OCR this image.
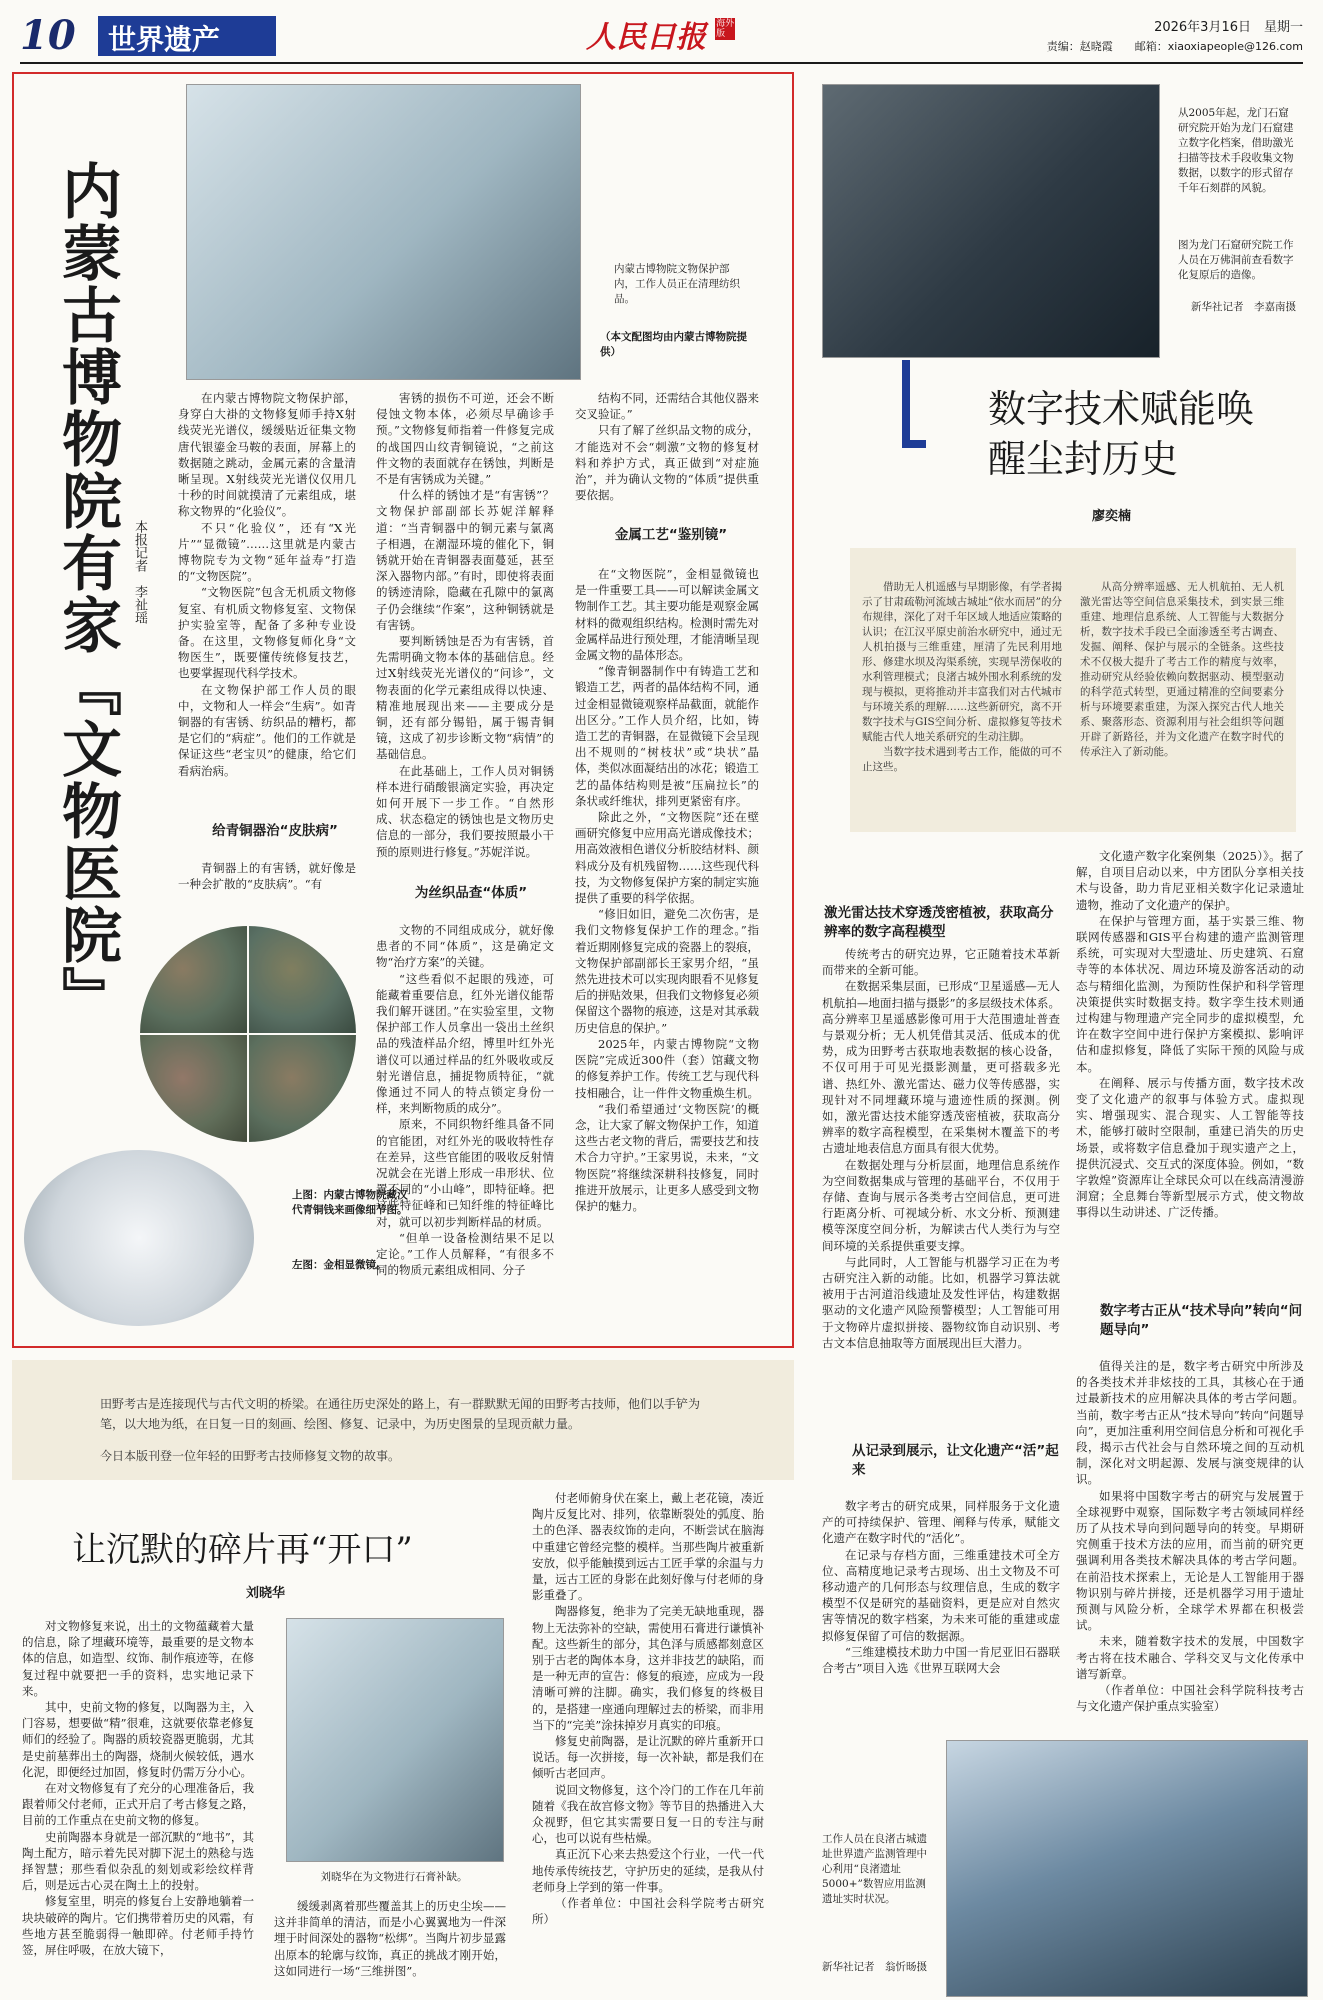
10 世界遗产	人民日报 海外版	2026年3月16日　星期一
责编：赵晓霞　　邮箱：xiaoxiapeople@126.com
内蒙古博物院有家『文物医院』 本报记者　李祉瑶
内蒙古博物院文物保护部内，工作人员正在清理纺织品。
（本文配图均由内蒙古博物院提供）

在内蒙古博物院文物保护部，身穿白大褂的文物修复师手持X射线荧光光谱仪，缓缓贴近征集文物唐代银鎏金马鞍的表面，屏幕上的数据随之跳动，金属元素的含量清晰呈现。X射线荧光光谱仪仅用几十秒的时间就摸清了元素组成，堪称文物界的“化验仪”。

不只“化验仪”，还有“X光片”“显微镜”……这里就是内蒙古博物院专为文物“延年益寿”打造的“文物医院”。

“文物医院”包含无机质文物修复室、有机质文物修复室、文物保护实验室等，配备了多种专业设备。在这里，文物修复师化身“文物医生”，既要懂传统修复技艺，也要掌握现代科学技术。

在文物保护部工作人员的眼中，文物和人一样会“生病”。如青铜器的有害锈、纺织品的糟朽，都是它们的“病症”。他们的工作就是保证这些“老宝贝”的健康，给它们看病治病。

给青铜器治“皮肤病”

青铜器上的有害锈，就好像是一种会扩散的“皮肤病”。“有

害锈的损伤不可逆，还会不断侵蚀文物本体，必须尽早确诊手预。”文物修复师指着一件修复完成的战国四山纹青铜镜说，“之前这件文物的表面就存在锈蚀，判断是不是有害锈成为关键。”

什么样的锈蚀才是“有害锈”？文物保护部副部长苏妮洋解释道：“当青铜器中的铜元素与氯离子相遇，在潮湿环境的催化下，铜锈就开始在青铜器表面蔓延，甚至深入器物内部。”有时，即使将表面的锈迹清除，隐藏在孔隙中的氯离子仍会继续“作案”，这种铜锈就是有害锈。

要判断锈蚀是否为有害锈，首先需明确文物本体的基础信息。经过X射线荧光光谱仪的“问诊”，文物表面的化学元素组成得以快速、精准地展现出来——主要成分是铜，还有部分锡铅，属于锡青铜镜，这成了初步诊断文物“病情”的基础信息。

在此基础上，工作人员对铜锈样本进行硝酸银滴定实验，再决定如何开展下一步工作。“自然形成、状态稳定的锈蚀也是文物历史信息的一部分，我们要按照最小干预的原则进行修复。”苏妮洋说。

为丝织品查“体质”

文物的不同组成成分，就好像患者的不同“体质”，这是确定文物“治疗方案”的关键。

“这些看似不起眼的残迹，可能藏着重要信息，红外光谱仪能帮我们解开谜团。”在实验室里，文物保护部工作人员拿出一袋出土丝织品的残渣样品介绍，博里叶红外光谱仪可以通过样品的红外吸收或反射光谱信息，捕捉物质特征，“就像通过不同人的特点锁定身份一样，来判断物质的成分”。

原来，不同织物纤维具备不同的官能团，对红外光的吸收特性存在差异，这些官能团的吸收反射情况就会在光谱上形成一串形状、位置不同的“小山峰”，即特征峰。把这些特征峰和已知纤维的特征峰比对，就可以初步判断样品的材质。

“但单一设备检测结果不足以定论。”工作人员解释，“有很多不同的物质元素组成相同、分子

结构不同，还需结合其他仪器来交叉验证。”

只有了解了丝织品文物的成分，才能选对不会“刺激”文物的修复材料和养护方式，真正做到“对症施治”，并为确认文物的“体质”提供重要依据。

金属工艺“鉴别镜”

在“文物医院”，金相显微镜也是一件重要工具——可以解读金属文物制作工艺。其主要功能是观察金属材料的微观组织结构。检测时需先对金属样品进行预处理，才能清晰呈现金属文物的晶体形态。

“像青铜器制作中有铸造工艺和锻造工艺，两者的晶体结构不同，通过金相显微镜观察样品截面，就能作出区分。”工作人员介绍，比如，铸造工艺的青铜器，在显微镜下会呈现出不规则的“树枝状”或“块状”晶体，类似冰面凝结出的冰花；锻造工艺的晶体结构则是被“压扁拉长”的条状或纤维状，排列更紧密有序。

除此之外，“文物医院”还在壁画研究修复中应用高光谱成像技术；用高效液相色谱仪分析胶结材料、颜料成分及有机残留物……这些现代科技，为文物修复保护方案的制定实施提供了重要的科学依据。

“修旧如旧，避免二次伤害，是我们文物修复保护工作的理念。”指着近期刚修复完成的瓷器上的裂痕，文物保护部副部长王家男介绍，“虽然先进技术可以实现肉眼看不见修复后的拼贴效果，但我们文物修复必须保留这个器物的痕迹，这是对其承载历史信息的保护。”

2025年，内蒙古博物院“文物医院”完成近300件（套）馆藏文物的修复养护工作。传统工艺与现代科技相融合，让一件件文物重焕生机。

“我们希望通过‘文物医院’的概念，让大家了解文物保护工作，知道这些古老文物的背后，需要技艺和技术合力守护。”王家男说，未来，“文物医院”将继续深耕科技修复，同时推进开放展示，让更多人感受到文物保护的魅力。

上图：内蒙古博物院藏汉代青铜钱来画像细节图。
左图：金相显微镜。
从2005年起，龙门石窟研究院开始为龙门石窟建立数字化档案，借助激光扫描等技术手段收集文物数据，以数字的形式留存千年石刻群的风貌。
图为龙门石窟研究院工作人员在万佛洞前查看数字化复原后的造像。
新华社记者　李嘉南摄
数字技术赋能唤醒尘封历史
廖奕楠

借助无人机遥感与早期影像，有学者揭示了甘肃疏勒河流域古城址“依水而居”的分布规律，深化了对千年区域人地适应策略的认识；在江汉平原史前治水研究中，通过无人机拍摄与三维重建，厘清了先民利用地形、修建水坝及沟渠系统，实现旱涝保收的水利管理模式；良渚古城外围水利系统的发现与模拟，更将推动并丰富我们对古代城市与环境关系的理解……这些新研究，离不开数字技术与GIS空间分析、虚拟修复等技术赋能古代人地关系研究的生动注脚。

当数字技术遇到考古工作，能做的可不止这些。

从高分辨率遥感、无人机航拍、无人机激光雷达等空间信息采集技术，到实景三维重建、地理信息系统、人工智能与大数据分析，数字技术手段已全面渗透至考古调查、发掘、阐释、保护与展示的全链条。这些技术不仅极大提升了考古工作的精度与效率，推动研究从经验依赖向数据驱动、模型驱动的科学范式转型，更通过精准的空间要素分析与环境要素重建，为深入探究古代人地关系、聚落形态、资源利用与社会组织等问题开辟了新路径，并为文化遗产在数字时代的传承注入了新动能。

激光雷达技术穿透茂密植被，获取高分辨率的数字高程模型

传统考古的研究边界，它正随着技术革新而带来的全新可能。

在数据采集层面，已形成“卫星遥感—无人机航拍—地面扫描与摄影”的多层级技术体系。高分辨率卫星遥感影像可用于大范围遗址普查与景观分析；无人机凭借其灵活、低成本的优势，成为田野考古获取地表数据的核心设备，不仅可用于可见光摄影测量，更可搭载多光谱、热红外、激光雷达、磁力仪等传感器，实现针对不同埋藏环境与遗迹性质的探测。例如，激光雷达技术能穿透茂密植被，获取高分辨率的数字高程模型，在采集树木覆盖下的考古遗址地表信息方面具有很大优势。

在数据处理与分析层面，地理信息系统作为空间数据集成与管理的基础平台，不仅用于存储、查询与展示各类考古空间信息，更可进行距离分析、可视域分析、水文分析、预测建模等深度空间分析，为解读古代人类行为与空间环境的关系提供重要支撑。

与此同时，人工智能与机器学习正在为考古研究注入新的动能。比如，机器学习算法就被用于古河道沿线遗址及发性评估，构建数据驱动的文化遗产风险预警模型；人工智能可用于文物碎片虚拟拼接、器物纹饰自动识别、考古文本信息抽取等方面展现出巨大潜力。

从记录到展示，让文化遗产“活”起来

数字考古的研究成果，同样服务于文化遗产的可持续保护、管理、阐释与传承，赋能文化遗产在数字时代的“活化”。

在记录与存档方面，三维重建技术可全方位、高精度地记录考古现场、出土文物及不可移动遗产的几何形态与纹理信息，生成的数字模型不仅是研究的基础资料，更是应对自然灾害等情况的数字档案，为未来可能的重建或虚拟修复保留了可信的数据源。

“三维建模技术助力中国一肯尼亚旧石器联合考古”项目入选《世界互联网大会

文化遗产数字化案例集（2025）》。据了解，自项目启动以来，中方团队分享相关技术与设备，助力肯尼亚相关数字化记录遗址遗物，推动了文化遗产的保护。

在保护与管理方面，基于实景三维、物联网传感器和GIS平台构建的遗产监测管理系统，可实现对大型遗址、历史建筑、石窟寺等的本体状况、周边环境及游客活动的动态与精细化监测，为预防性保护和科学管理决策提供实时数据支持。数字孪生技术则通过构建与物理遗产完全同步的虚拟模型，允许在数字空间中进行保护方案模拟、影响评估和虚拟修复，降低了实际干预的风险与成本。

在阐释、展示与传播方面，数字技术改变了文化遗产的叙事与体验方式。虚拟现实、增强现实、混合现实、人工智能等技术，能够打破时空限制，重建已消失的历史场景，或将数字信息叠加于现实遗产之上，提供沉浸式、交互式的深度体验。例如，“数字敦煌”资源库让全球民众可以在线高清漫游洞窟；全息舞台等新型展示方式，使文物故事得以生动讲述、广泛传播。

数字考古正从“技术导向”转向“问题导向”

值得关注的是，数字考古研究中所涉及的各类技术并非炫技的工具，其核心在于通过最新技术的应用解决具体的考古学问题。当前，数字考古正从“技术导向”转向“问题导向”，更加注重利用空间信息分析和可视化手段，揭示古代社会与自然环境之间的互动机制，深化对文明起源、发展与演变规律的认识。

如果将中国数字考古的研究与发展置于全球视野中观察，国际数字考古领域同样经历了从技术导向到问题导向的转变。早期研究侧重于技术方法的应用，而当前的研究更强调利用各类技术解决具体的考古学问题。在前沿技术探索上，无论是人工智能用于器物识别与碎片拼接，还是机器学习用于遗址预测与风险分析，全球学术界都在积极尝试。

未来，随着数字技术的发展，中国数字考古将在技术融合、学科交叉与文化传承中谱写新章。

（作者单位：中国社会科学院科技考古与文化遗产保护重点实验室）

工作人员在良渚古城遗址世界遗产监测管理中心利用“良渚遗址5000+”数智应用监测遗址实时状况。
新华社记者　翁忻旸摄

田野考古是连接现代与古代文明的桥梁。在通往历史深处的路上，有一群默默无闻的田野考古技师，他们以手铲为笔，以大地为纸，在日复一日的刻画、绘图、修复、记录中，为历史图景的呈现贡献力量。

今日本版刊登一位年轻的田野考古技师修复文物的故事。

让沉默的碎片再“开口”
刘晓华

对文物修复来说，出土的文物蕴藏着大量的信息，除了埋藏环境等，最重要的是文物本体的信息，如造型、纹饰、制作痕迹等，在修复过程中就要把一手的资料，忠实地记录下来。

其中，史前文物的修复，以陶器为主，入门容易，想要做“精”很难，这就要依靠老修复师们的经验了。陶器的质较瓷器更脆弱，尤其是史前墓葬出土的陶器，烧制火候较低，遇水化泥，即便经过加固，修复时仍需万分小心。

在对文物修复有了充分的心理准备后，我跟着师父付老师，正式开启了考古修复之路，目前的工作重点在史前文物的修复。

史前陶器本身就是一部沉默的“地书”，其陶土配方，暗示着先民对脚下泥土的熟稔与选择智慧；那些看似杂乱的刻划或彩绘纹样背后，则是远古心灵在陶土上的投射。

修复室里，明亮的修复台上安静地躺着一块块破碎的陶片。它们携带着历史的风霜，有些地方甚至脆弱得一触即碎。付老师手持竹签，屏住呼吸，在放大镜下，

刘晓华在为文物进行石膏补缺。

缓缓剥离着那些覆盖其上的历史尘埃——这并非简单的清洁，而是小心翼翼地为一件深埋于时间深处的器物“松绑”。当陶片初步显露出原本的轮廓与纹饰，真正的挑战才刚开始，这如同进行一场“三维拼图”。

付老师俯身伏在案上，戴上老花镜，凑近陶片反复比对、排列，依靠断裂处的弧度、胎土的色泽、器表纹饰的走向，不断尝试在脑海中重建它曾经完整的模样。当那些陶片被重新安放，似乎能触摸到远古工匠手掌的余温与力量，远古工匠的身影在此刻好像与付老师的身影重叠了。

陶器修复，绝非为了完美无缺地重现，器物上无法弥补的空缺，需使用石膏进行谦慎补配。这些新生的部分，其色泽与质感都刻意区别于古老的陶体本身，这并非技艺的缺陷，而是一种无声的宣告：修复的痕迹，应成为一段清晰可辨的注脚。确实，我们修复的终极目的，是搭建一座通向理解过去的桥梁，而非用当下的“完美”涂抹掉岁月真实的印痕。

修复史前陶器，是让沉默的碎片重新开口说话。每一次拼接，每一次补缺，都是我们在倾听古老回声。

说回文物修复，这个冷门的工作在几年前随着《我在故宫修文物》等节目的热播进入大众视野，但它其实需要日复一日的专注与耐心，也可以说有些枯燥。

真正沉下心来去热爱这个行业，一代一代地传承传统技艺，守护历史的延续，是我从付老师身上学到的第一件事。

（作者单位：中国社会科学院考古研究所）
